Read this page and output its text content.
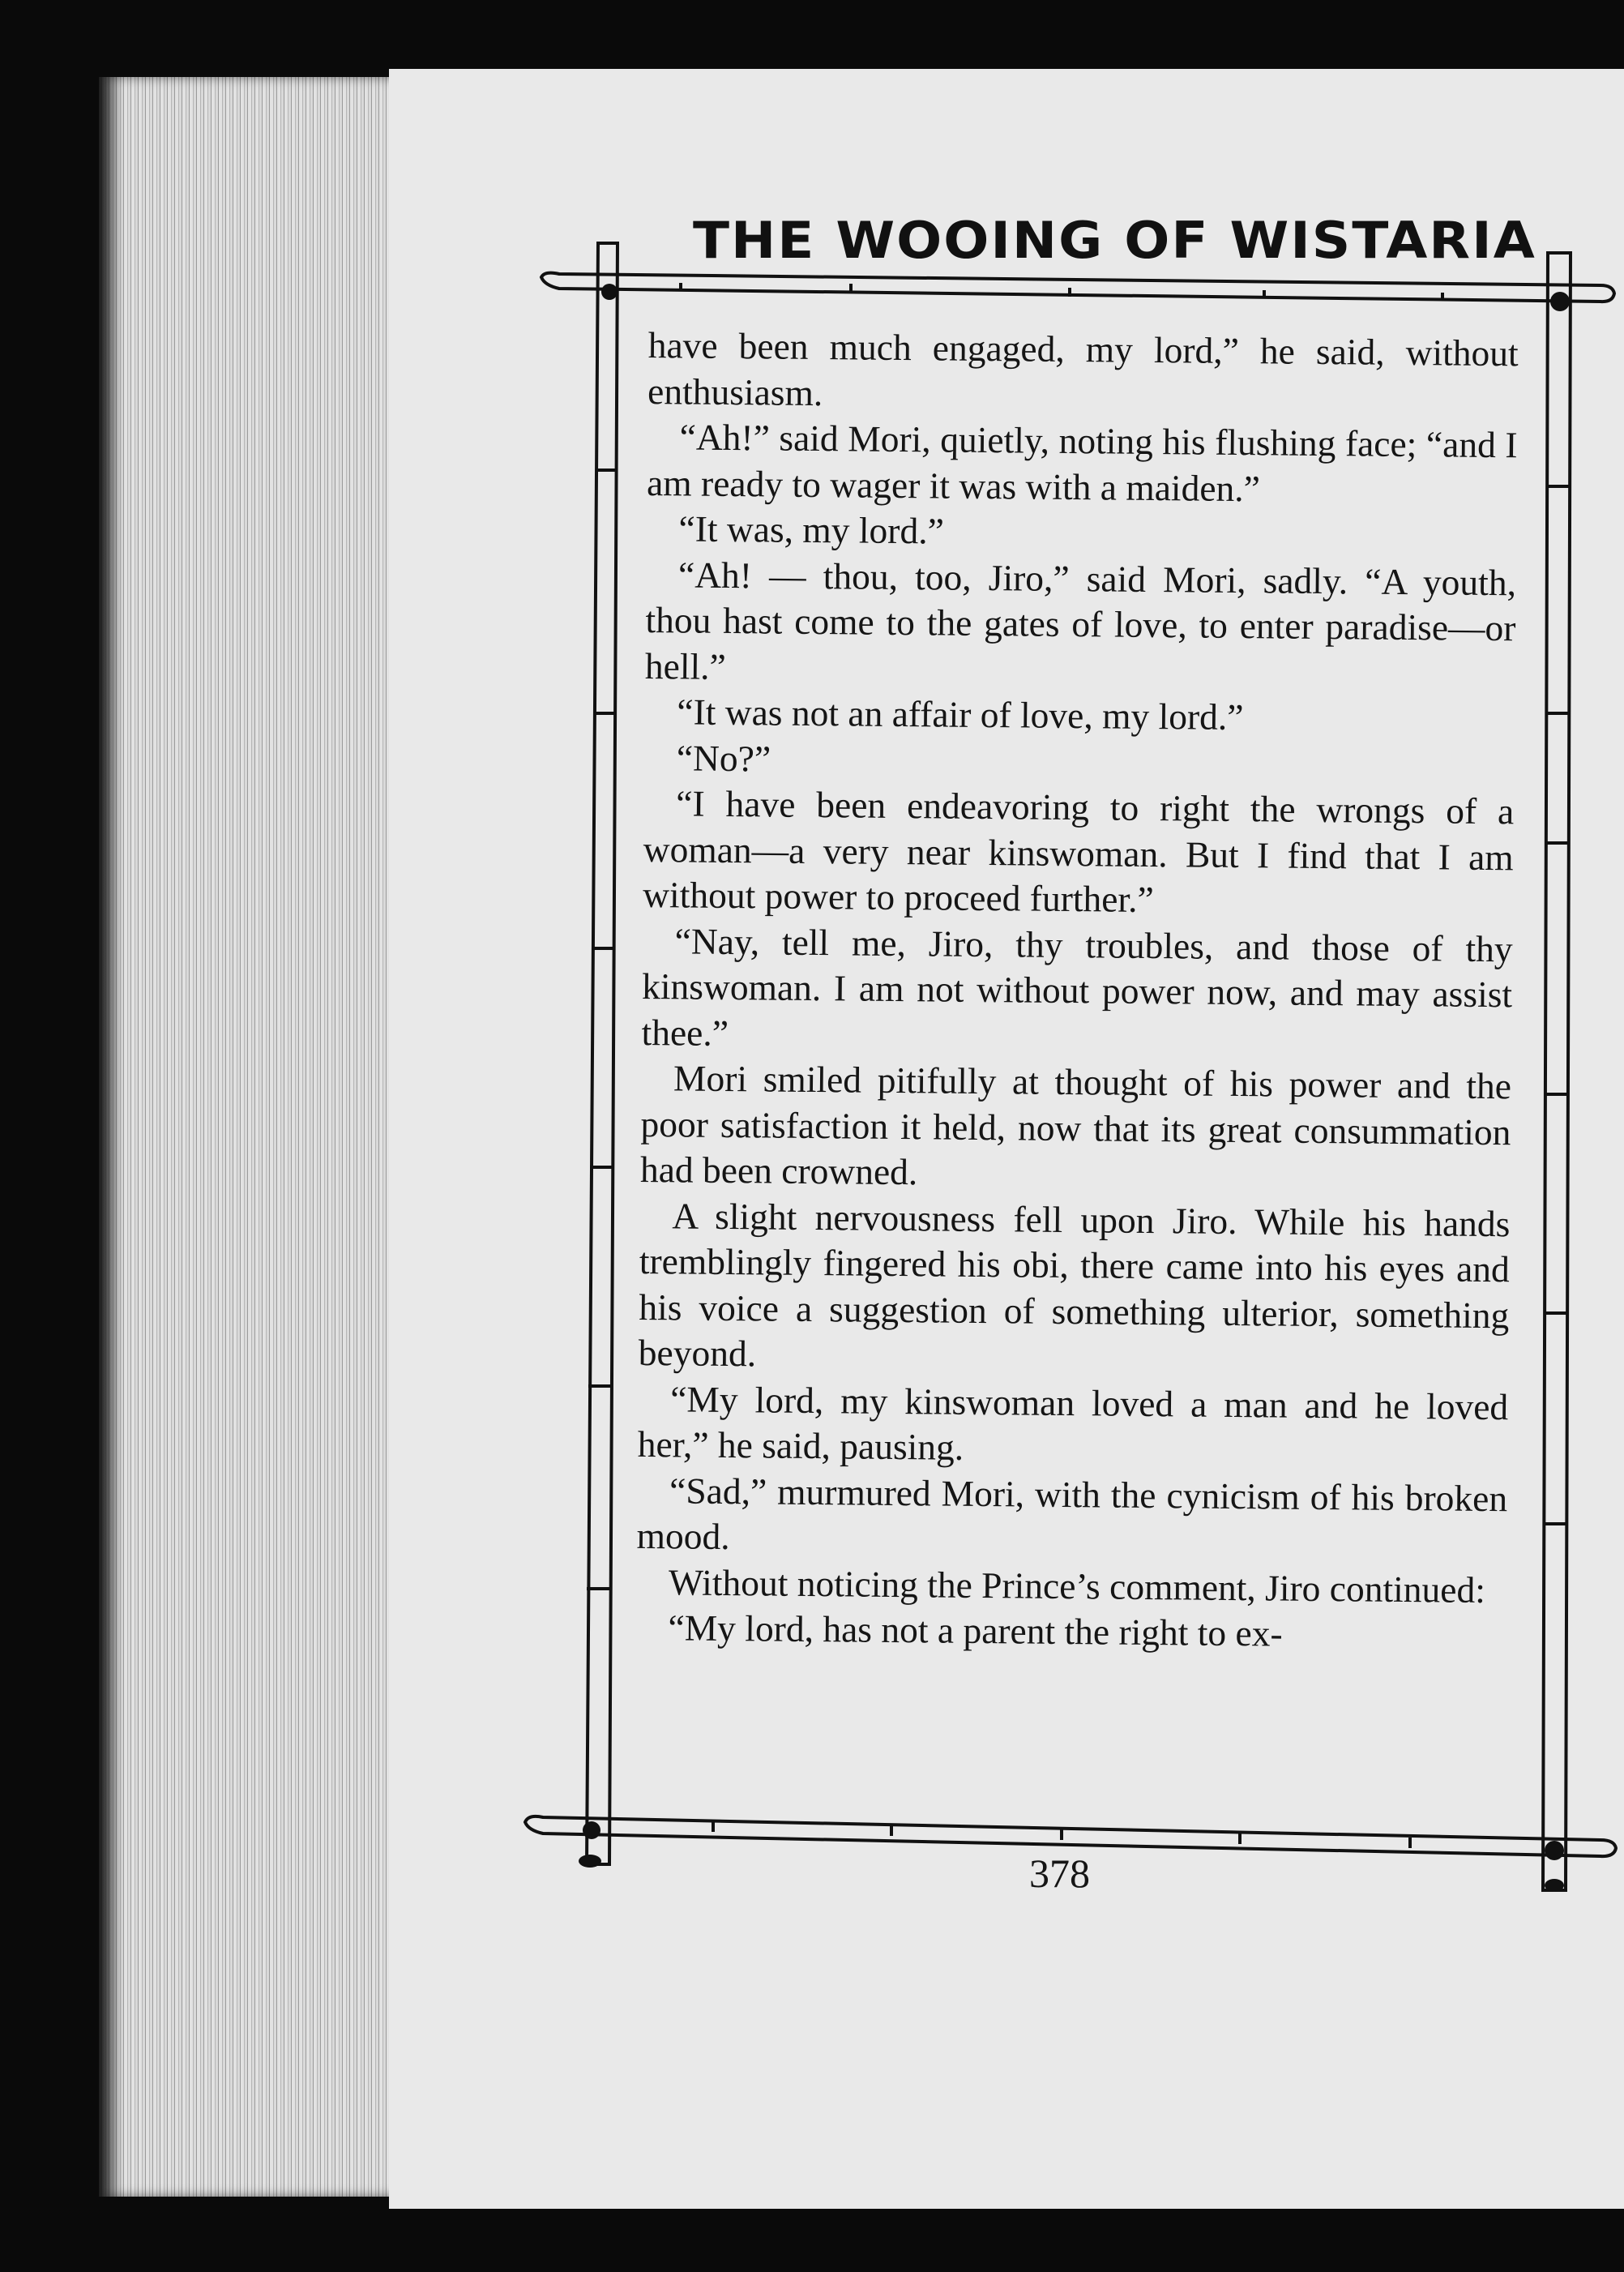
THE WOOING OF WISTARIA

have been much engaged, my lord,” he said, without enthusiasm.

“Ah!” said Mori, quietly, noting his flushing face; “and I am ready to wager it was with a maiden.”

“It was, my lord.”

“Ah! — thou, too, Jiro,” said Mori, sadly. “A youth, thou hast come to the gates of love, to enter paradise—or hell.”

“It was not an affair of love, my lord.”

“No?”

“I have been endeavoring to right the wrongs of a woman—a very near kinswoman. But I find that I am without power to proceed further.”

“Nay, tell me, Jiro, thy troubles, and those of thy kinswoman. I am not without power now, and may assist thee.”

Mori smiled pitifully at thought of his power and the poor satisfaction it held, now that its great consummation had been crowned.

A slight nervousness fell upon Jiro. While his hands tremblingly fingered his obi, there came into his eyes and his voice a suggestion of something ulterior, something beyond.

“My lord, my kinswoman loved a man and he loved her,” he said, pausing.

“Sad,” murmured Mori, with the cynicism of his broken mood.

Without noticing the Prince’s comment, Jiro continued:

“My lord, has not a parent the right to ex-

378
